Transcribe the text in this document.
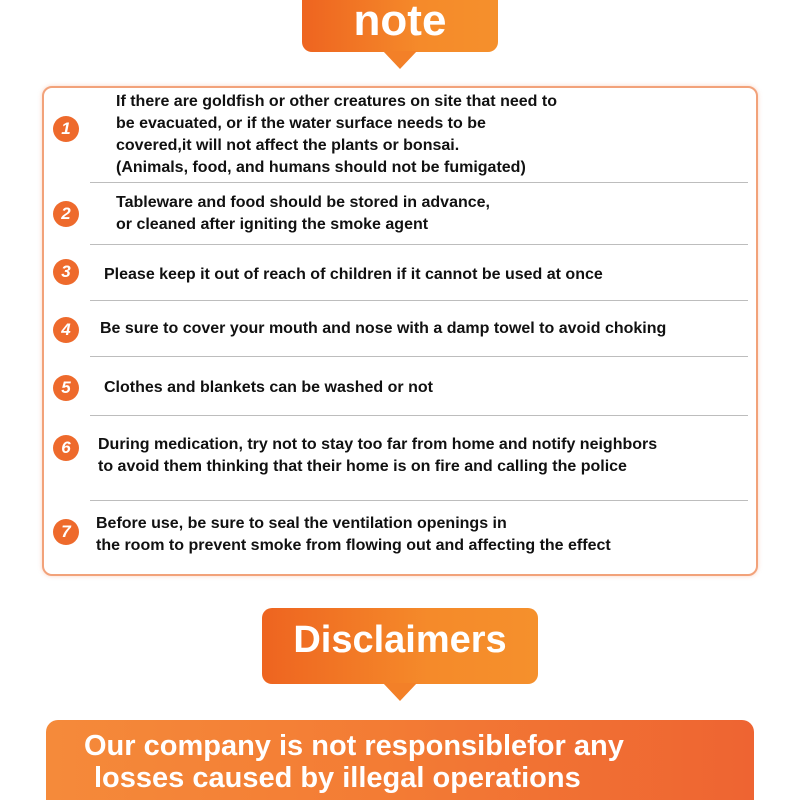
note
1
If there are goldfish or other creatures on site that need to
be evacuated, or if the water surface needs to be
covered,it will not affect the plants or bonsai.
(Animals, food, and humans should not be fumigated)
2
Tableware and food should be stored in advance,
or cleaned after igniting the smoke agent
3	Please keep it out of reach of children if it cannot be used at once
4	Be sure to cover your mouth and nose with a damp towel to avoid choking
5	Clothes and blankets can be washed or not
6	During medication, try not to stay too far from home and notify neighbors
to avoid them thinking that their home is on fire and calling the police
7	Before use, be sure to seal the ventilation openings in
the room to prevent smoke from flowing out and affecting the effect
Disclaimers
Our company is not responsiblefor any
losses caused by illegal operations
